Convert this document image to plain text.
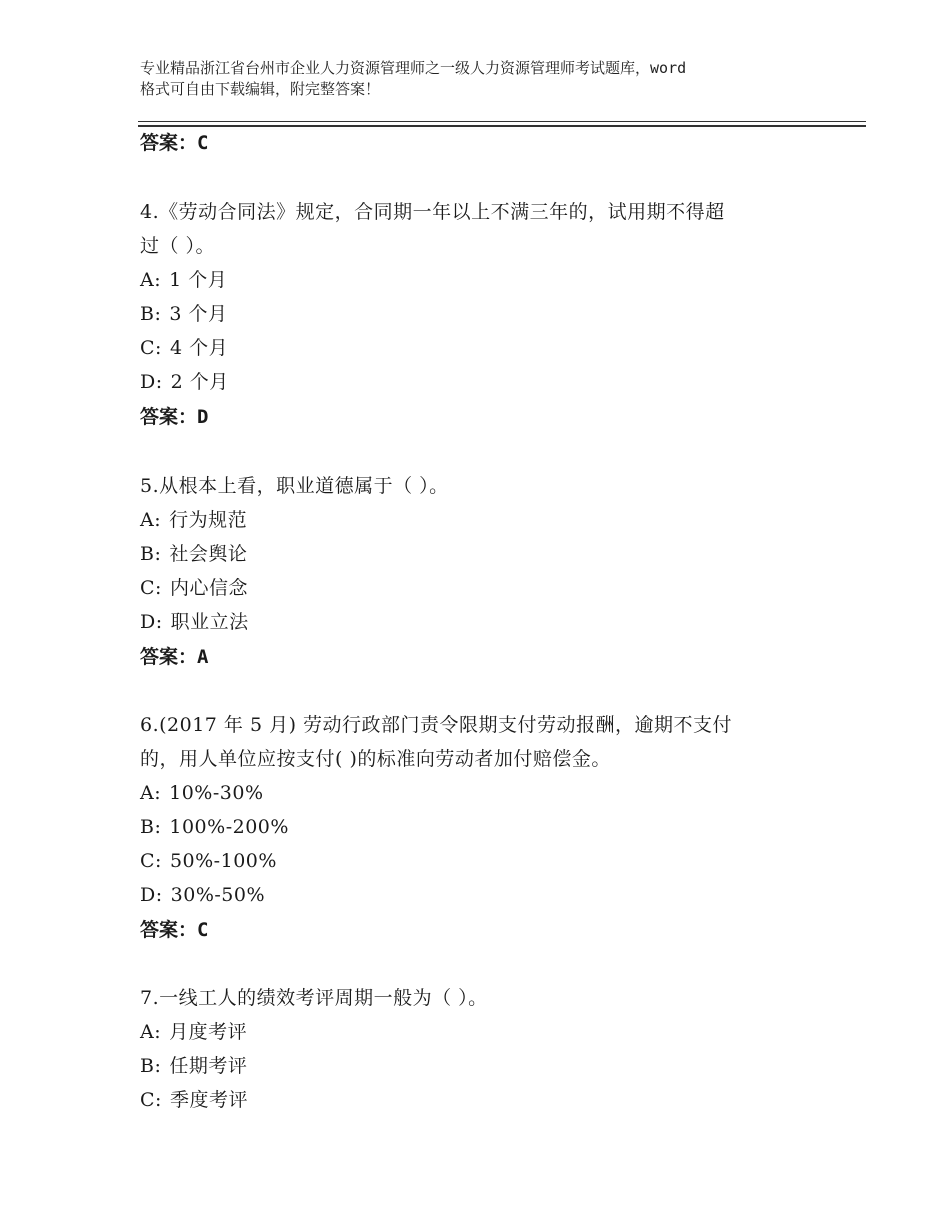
专业精品浙江省台州市企业人力资源管理师之一级人力资源管理师考试题库，word
格式可自由下载编辑，附完整答案！
答案：C
4.《劳动合同法》规定，合同期一年以上不满三年的，试用期不得超
过（ ）。
A: 1 个月
B: 3 个月
C: 4 个月
D: 2 个月
答案：D
5.从根本上看，职业道德属于（ ）。
A: 行为规范
B: 社会舆论
C: 内心信念
D: 职业立法
答案：A
6.(2017 年 5 月) 劳动行政部门责令限期支付劳动报酬，逾期不支付
的，用人单位应按支付( )的标准向劳动者加付赔偿金。
A: 10%-30%
B: 100%-200%
C: 50%-100%
D: 30%-50%
答案：C
7.一线工人的绩效考评周期一般为（ ）。
A: 月度考评
B: 任期考评
C: 季度考评
